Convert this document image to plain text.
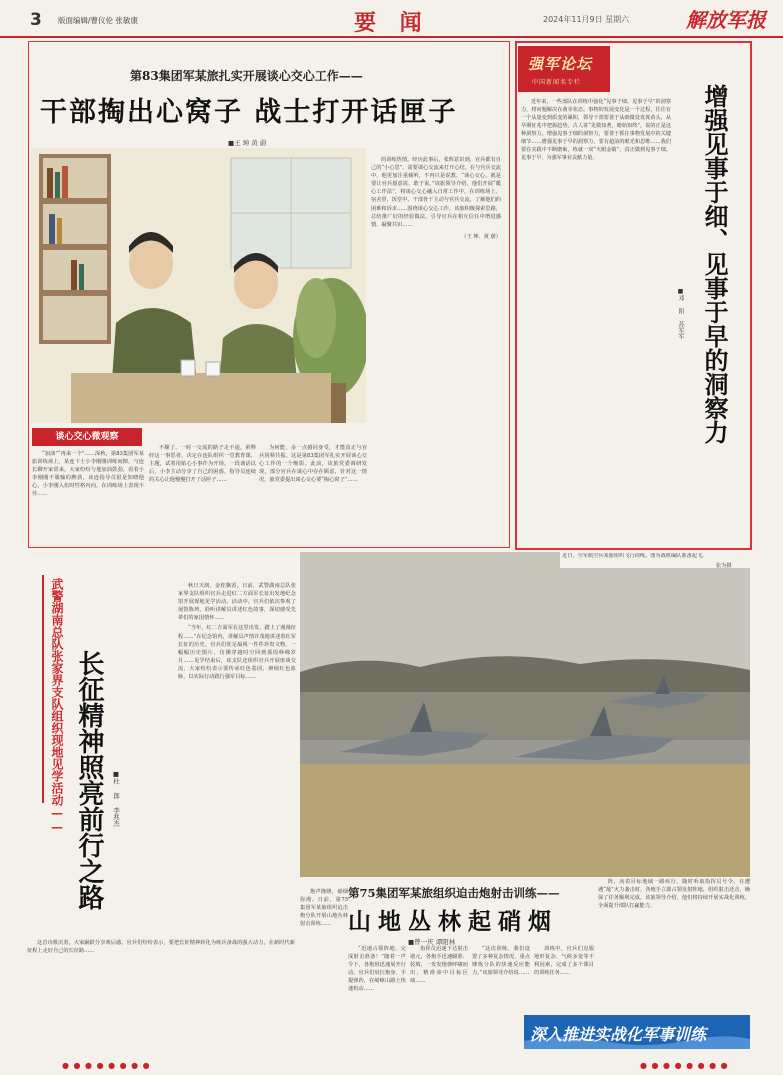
3 版面编辑/曹仪伦 张敏康	要 闻	2024年11月9日 星期六	解放军报
第83集团军某旅扎实开展谈心交心工作——
干部掏出心窝子 战士打开话匣子
■王 坤 黄 蔚
谈心交心微观察

“加油”“再来一个”……深秋，第83集团军某旅训练场上，某连下士小李刚刚训练间隙，与连长聊开家常来。大家纷纷与他加油鼓劲，看着小李刚刚不服输的脾劲，该连指导员很是知晓他心。小李刚入伍时性格内向，在训练场上表现不佳……

不顺了。一时一交流的路子走不通，索释经这一事思者，决定在连队组织一堂教育课，主题，试着用贴心小事作为开场。一段谈话以后，小李主动分享了自己的困惑，指导员连续的关心让他慢慢打开了话匣子……

为何能，多一点感同身受，才能真正与官兵同频共振。这是第83集团军扎实开展谈心交心工作的一个缩影。此前，该旅党委调研发现，部分官兵在谈心中存在顾虑，针对这一情况，旅党委提出谈心交心要“掏心窝子”……

的训练热情。经历此事后，张辉意识到，官兵都有自己的“小心思”，需要谈心交流来打开心结。在与官兵交流中，他更加注重倾听，不再只是说教。“谈心交心，就是要让官兵愿意说、敢于说。”该旅领导介绍，他们开展“暖心工作法”，将谈心交心融入日常工作中。在训练场上、宿舍里、饭堂中，干部骨干主动与官兵交流，了解他们的困难和诉求……围绕谈心交心工作，该旅积极探索思路，总结推广好的经验做法，引导官兵在相互信任中增进感情、凝聚共识……

（王 坤、黄 蔚）
强军论坛
中国新闻名专栏

近年来，一些部队在训练中强化“见事于细、见事于早”的洞察力，将问题解决在萌芽状态。事物的发展变化是一个过程，往往有一个从量变到质变的累积，领导干部要善于从细微处发现苗头，从早期征兆中把握趋势。古人讲“见微知著，睹始知终”，说的正是这种洞察力。增强见事于细的洞察力，要善于抓住事物发展中的关键细节……增强见事于早的洞察力，要有超前的眼光和思维……我们要在实践中不断磨砺，练就一双“火眼金睛”，真正做到见事于细、见事于早，为强军事业贡献力量。	增强见事于细、见事于早的洞察力
■邓 阳 苏军军
近日，空军航空兵某旅组织飞行训练。图为战机编队准备起飞。
张为摄
武警湖南总队张家界支队组织现地见学活动—— 长征精神照亮前行之路 ■杜 郎 李兆杰

秋日天朗，金桂飘香。日前，武警湖南总队张家界支队组织官兵走进红二方面军长征出发地纪念馆开展现地见学活动。活动中，官兵们依次参观了展馆陈列，聆听讲解员讲述红色故事，深切感受先辈们的家国情怀……

“当年，红二方面军在这里出发，踏上了漫漫征程……”在纪念馆内，讲解员声情并茂地讲述着红军长征的历史。官兵们驻足凝视一件件珍贵文物，一幅幅历史图片，仿佛穿越时空回到那段峥嵘岁月……见学结束后，该支队还组织官兵开展座谈交流，大家纷纷表示要传承红色基因，赓续红色血脉，以实际行动践行强军目标……

这首诗歌沉着，大家踊跃分享观后感。官兵们纷纷表示，要把长征精神转化为练兵备战的强大动力，在新时代新征程上走好自己的长征路……

第75集团军某旅组织迫击炮射击训练——
山地丛林起硝烟
■曾一庆 谭阳林

炮声隆隆，硝烟弥漫。日前，第75集团军某旅组织迫击炮分队开展山地丛林射击训练……

“迅速占领阵地，完成射击准备！”随着一声令下，各炮班迅速展开行动。官兵们肩扛炮身、手提弹药，在崎岖山路上快速机动……

指挥员迅速下达射击诸元，各炮手迅速瞄准、装填，一发发炮弹呼啸而出，精准命中目标区域……

“这次训练，我们设置了多种复杂情况，重点锤炼分队的快速反应能力。”该旅领导介绍说……

训练中，官兵们克服地形复杂、气候多变等不利因素，完成了多个课目的训练任务……

阵，向着目标地域一路疾行，随时听取指挥员号令。在遭遇“敌”火力袭击时，各炮手立即占领发射阵地，组织射击还击，确保了任务顺利完成。该旅领导介绍，他们将持续开展实战化训练，全面提升部队打赢能力。

深入推进实战化军事训练
● ● ● ● ● ● ● ●	● ● ● ● ● ● ● ●
